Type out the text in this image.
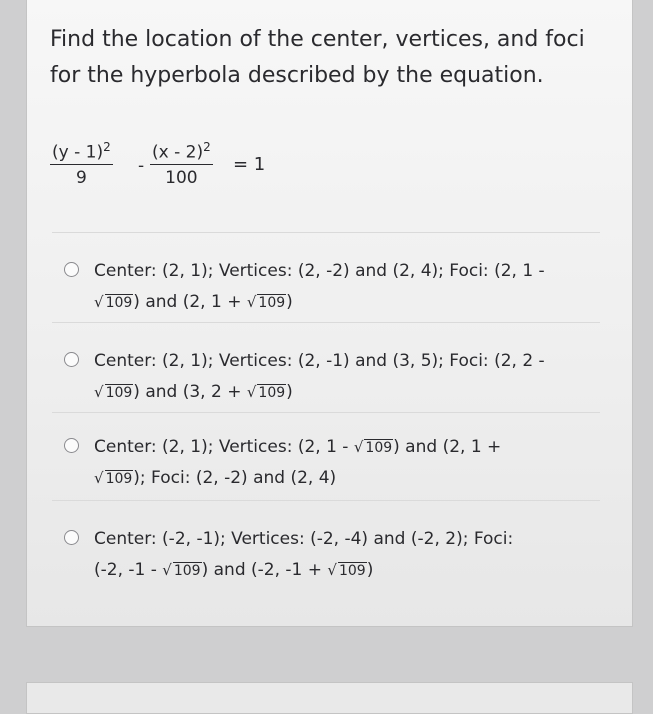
Find the location of the center, vertices, and foci
for the hyperbola described by the equation.
$\frac{(y - 1)^2}{9} - \frac{(x - 2)^2}{100} = 1$
Center: (2, 1); Vertices: (2, -2) and (2, 4); Foci: (2, 1 -
√ 109) and (2, 1 + √ 109)
Center: (2, 1); Vertices: (2, -1) and (3, 5); Foci: (2, 2 -
√ 109) and (3, 2 + √ 109)
Center: (2, 1); Vertices: (2, 1 - √ 109) and (2, 1 +
√ 109); Foci: (2, -2) and (2, 4)
Center: (-2, -1); Vertices: (-2, -4) and (-2, 2); Foci:
(-2, -1 - √ 109) and (-2, -1 + √ 109)
